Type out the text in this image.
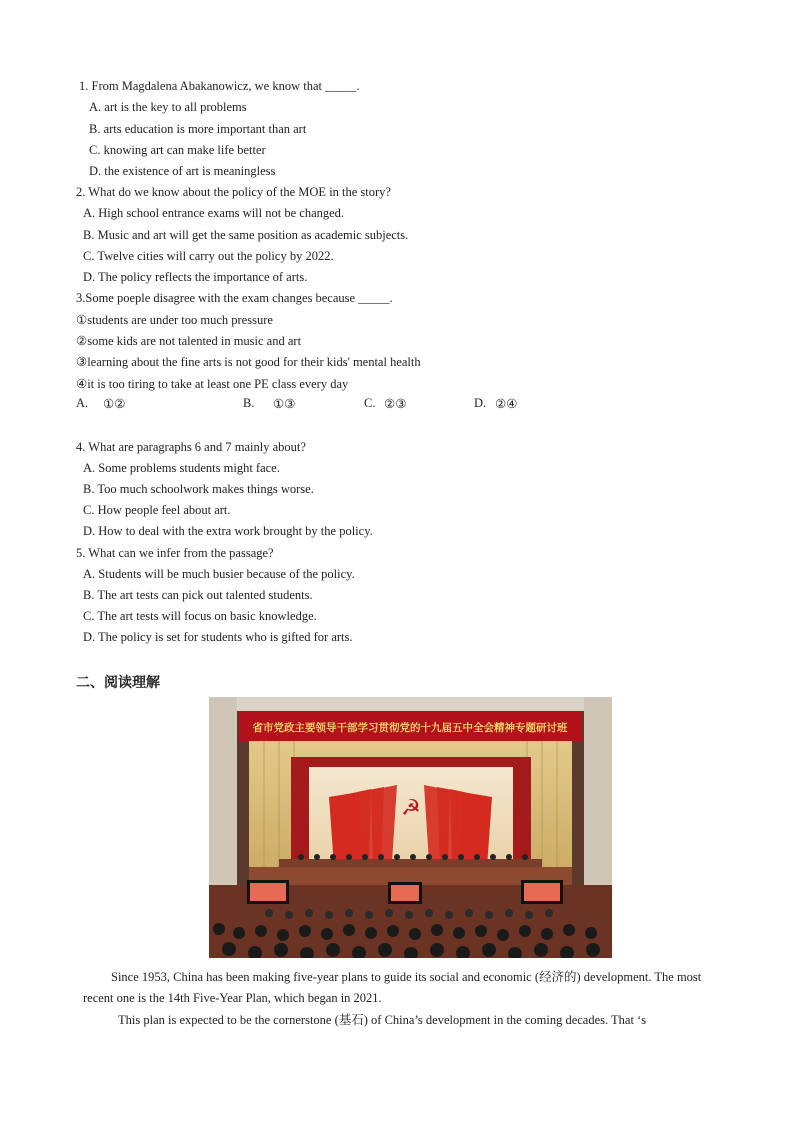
1. From Magdalena Abakanowicz, we know that _____.
A. art is the key to all problems
B. arts education is more important than art
C. knowing art can make life better
D. the existence of art is meaningless
2. What do we know about the policy of the MOE in the story?
A. High school entrance exams will not be changed.
B. Music and art will get the same position as academic subjects.
C. Twelve cities will carry out the policy by 2022.
D. The policy reflects the importance of arts.
3.Some poeple disagree with the exam changes because _____.
①students are under too much pressure
②some kids are not talented in music and art
③learning about the fine arts is not good for their kids' mental health
④it is too tiring to take at least one PE class every day
A. ①②	B. ①③	C. ②③	D. ②④
4. What are paragraphs 6 and 7 mainly about?
A. Some problems students might face.
B. Too much schoolwork makes things worse.
C. How people feel about art.
D. How to deal with the extra work brought by the policy.
5. What can we infer from the passage?
A. Students will be much busier because of the policy.
B. The art tests can pick out talented students.
C. The art tests will focus on basic knowledge.
D. The policy is set for students who is gifted for arts.
二、阅读理解
省市党政主要领导干部学习贯彻党的十九届五中全会精神专题研讨班
☭
Since 1953, China has been making five-year plans to guide its social and economic (经济的) development. The most recent one is the 14th Five-Year Plan, which began in 2021.
This plan is expected to be the cornerstone (基石) of China’s development in the coming decades. That ‘s
